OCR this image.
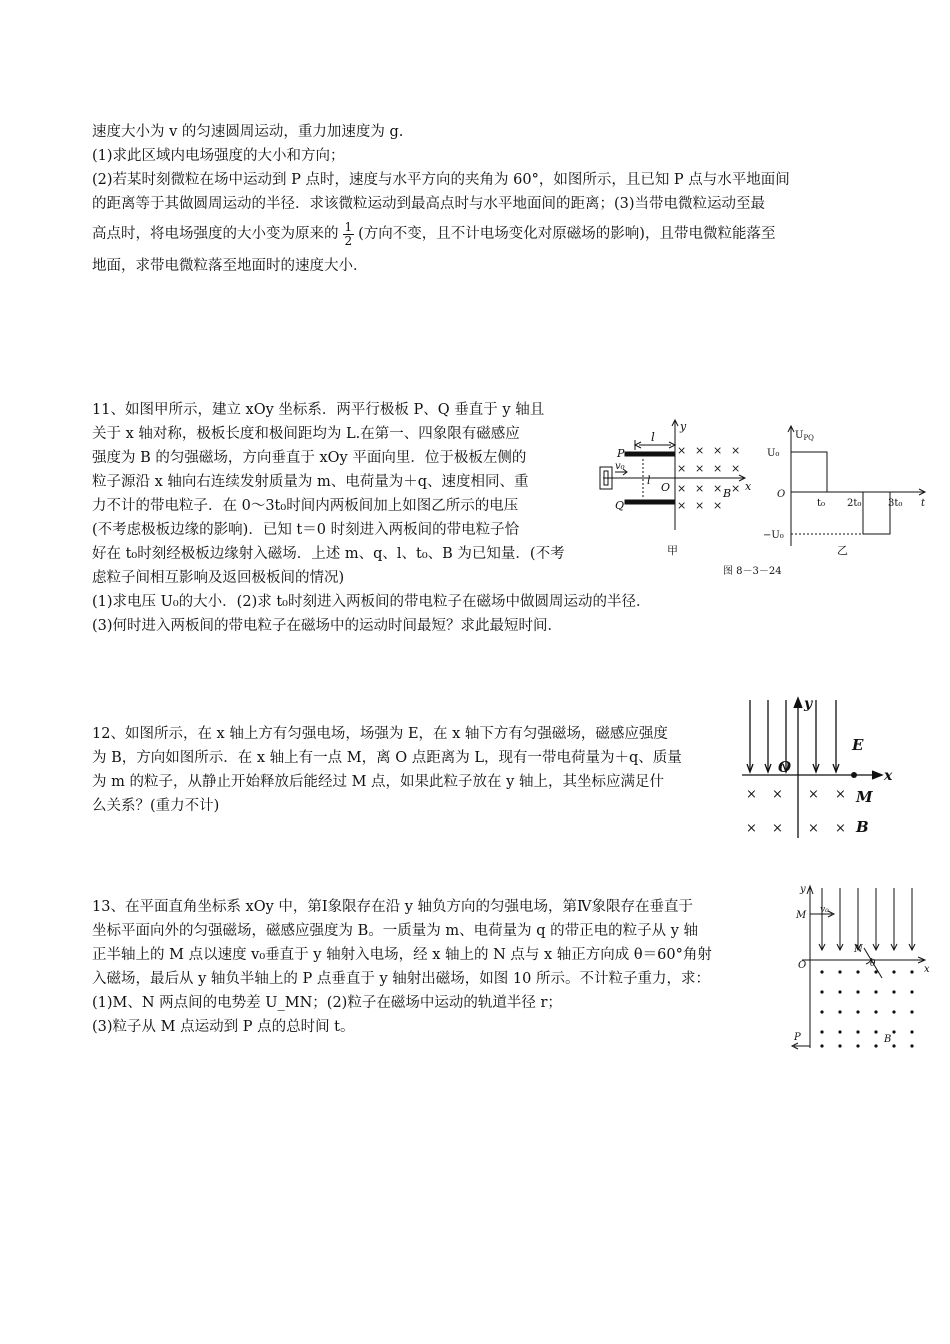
速度大小为 v 的匀速圆周运动，重力加速度为 g.
(1)求此区域内电场强度的大小和方向；
(2)若某时刻微粒在场中运动到 P 点时，速度与水平方向的夹角为 60°，如图所示，且已知 P 点与水平地面间
的距离等于其做圆周运动的半径．求该微粒运动到最高点时与水平地面间的距离；(3)当带电微粒运动至最
高点时，将电场强度的大小变为原来的 $\frac{1}{2}$ (方向不变，且不计电场变化对原磁场的影响)，且带电微粒能落至
地面，求带电微粒落至地面时的速度大小．
11、如图甲所示，建立 xOy 坐标系．两平行极板 P、Q 垂直于 y 轴且
关于 x 轴对称，极板长度和极间距均为 L.在第一、四象限有磁感应
强度为 B 的匀强磁场，方向垂直于 xOy 平面向里．位于极板左侧的
粒子源沿 x 轴向右连续发射质量为 m、电荷量为＋q、速度相同、重
力不计的带电粒子．在 0～3t₀时间内两板间加上如图乙所示的电压
(不考虑极板边缘的影响)．已知 t＝0 时刻进入两板间的带电粒子恰
好在 t₀时刻经极板边缘射入磁场．上述 m、q、l、t₀、B 为已知量．(不考
虑粒子间相互影响及返回极板间的情况)
(1)求电压 U₀的大小．(2)求 t₀时刻进入两板间的带电粒子在磁场中做圆周运动的半径．
(3)何时进入两板间的带电粒子在磁场中的运动时间最短？求此最短时间．
l
y
P
Q
v₀
l
O	x
B
× × × ×
× × × ×
× × × ×
× × ×
甲
$U_{PQ}$
U₀
O
t₀ 2t₀	3t₀ t
−U₀
乙
图 8－3－24
12、如图所示，在 x 轴上方有匀强电场，场强为 E，在 x 轴下方有匀强磁场，磁感应强度
为 B，方向如图所示．在 x 轴上有一点 M，离 O 点距离为 L，现有一带电荷量为＋q、质量
为 m 的粒子，从静止开始释放后能经过 M 点，如果此粒子放在 y 轴上，其坐标应满足什
么关系？(重力不计)
y
x
O
E
M
B
× × × ×
× × × ×
13、在平面直角坐标系 xOy 中，第Ⅰ象限存在沿 y 轴负方向的匀强电场，第Ⅳ象限存在垂直于
坐标平面向外的匀强磁场，磁感应强度为 B。一质量为 m、电荷量为 q 的带正电的粒子从 y 轴
正半轴上的 M 点以速度 v₀垂直于 y 轴射入电场，经 x 轴上的 N 点与 x 轴正方向成 θ＝60°角射
入磁场，最后从 y 轴负半轴上的 P 点垂直于 y 轴射出磁场，如图 10 所示。不计粒子重力，求：
(1)M、N 两点间的电势差 U_MN；(2)粒子在磁场中运动的轨道半径 r；
(3)粒子从 M 点运动到 P 点的总时间 t。
y
M v₀
N
θ
O	x
P	B
